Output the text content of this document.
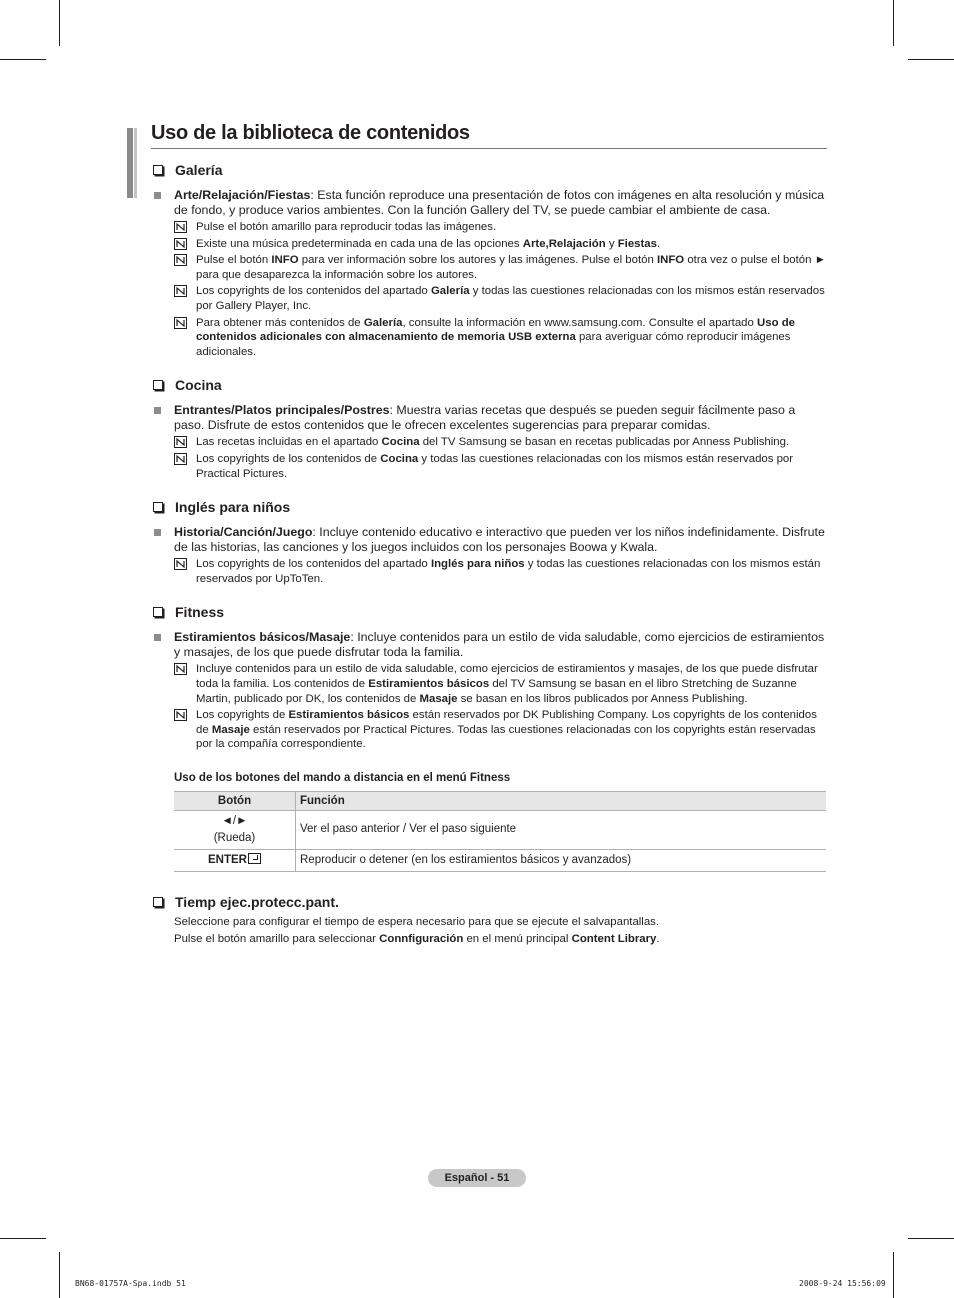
Uso de la biblioteca de contenidos
Galería
Arte/Relajación/Fiestas: Esta función reproduce una presentación de fotos con imágenes en alta resolución y música de fondo, y produce varios ambientes. Con la función Gallery del TV, se puede cambiar el ambiente de casa.
Pulse el botón amarillo para reproducir todas las imágenes.
Existe una música predeterminada en cada una de las opciones Arte,Relajación y Fiestas.
Pulse el botón INFO para ver información sobre los autores y las imágenes. Pulse el botón INFO otra vez o pulse el botón ► para que desaparezca la información sobre los autores.
Los copyrights de los contenidos del apartado Galería y todas las cuestiones relacionadas con los mismos están reservados por Gallery Player, Inc.
Para obtener más contenidos de Galería, consulte la información en www.samsung.com. Consulte el apartado Uso de contenidos adicionales con almacenamiento de memoria USB externa para averiguar cómo reproducir imágenes adicionales.
Cocina
Entrantes/Platos principales/Postres: Muestra varias recetas que después se pueden seguir fácilmente paso a paso. Disfrute de estos contenidos que le ofrecen excelentes sugerencias para preparar comidas.
Las recetas incluidas en el apartado Cocina del TV Samsung se basan en recetas publicadas por Anness Publishing.
Los copyrights de los contenidos de Cocina y todas las cuestiones relacionadas con los mismos están reservados por Practical Pictures.
Inglés para niños
Historia/Canción/Juego: Incluye contenido educativo e interactivo que pueden ver los niños indefinidamente. Disfrute de las historias, las canciones y los juegos incluidos con los personajes Boowa y Kwala.
Los copyrights de los contenidos del apartado Inglés para niños y todas las cuestiones relacionadas con los mismos están reservados por UpToTen.
Fitness
Estiramientos básicos/Masaje: Incluye contenidos para un estilo de vida saludable, como ejercicios de estiramientos y masajes, de los que puede disfrutar toda la familia.
Incluye contenidos para un estilo de vida saludable, como ejercicios de estiramientos y masajes, de los que puede disfrutar toda la familia. Los contenidos de Estiramientos básicos del TV Samsung se basan en el libro Stretching de Suzanne Martin, publicado por DK, los contenidos de Masaje se basan en los libros publicados por Anness Publishing.
Los copyrights de Estiramientos básicos están reservados por DK Publishing Company. Los copyrights de los contenidos de Masaje están reservados por Practical Pictures. Todas las cuestiones relacionadas con los copyrights están reservadas por la compañía correspondiente.
Uso de los botones del mando a distancia en el menú Fitness
Botón	Función

◄/►
(Rueda)	Ver el paso anterior / Ver el paso siguiente
ENTER	Reproducir o detener (en los estiramientos básicos y avanzados)
Tiemp ejec.protecc.pant.
Seleccione para configurar el tiempo de espera necesario para que se ejecute el salvapantallas.
Pulse el botón amarillo para seleccionar Connfiguración en el menú principal Content Library.
Español - 51
BN68-01757A-Spa.indb 51	2008-9-24 15:56:09
